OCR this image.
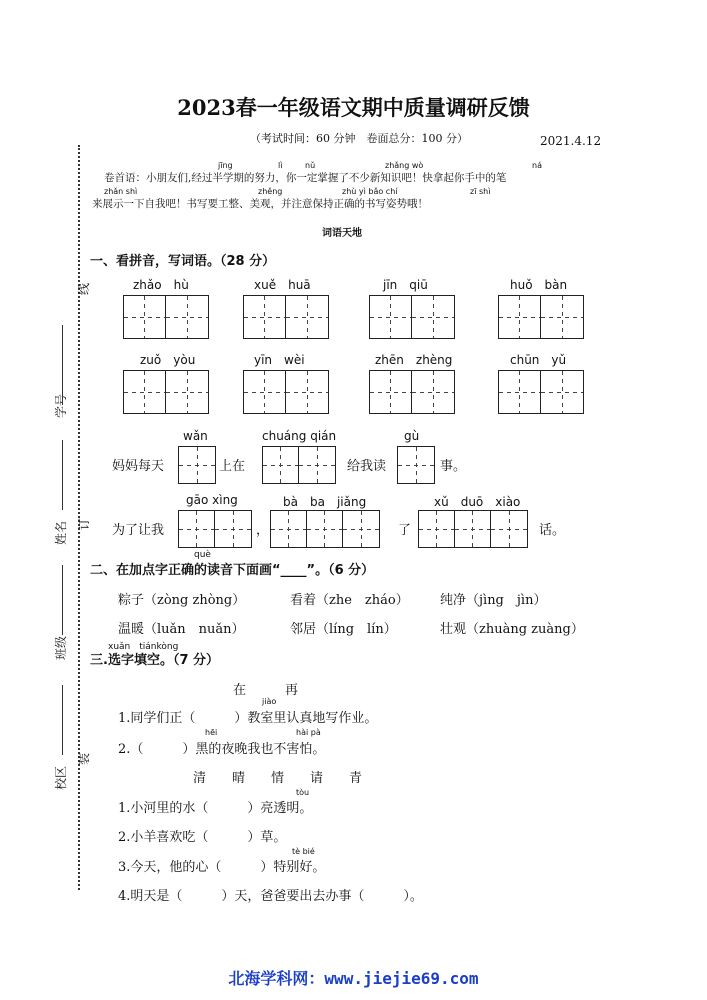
2023春一年级语文期中质量调研反馈
（考试时间：60 分钟　卷面总分：100 分）	2021.4.12
线
学号
订
姓名
班级
装
校区
jīng	lì	nǔ	zhǎng wò	ná
卷首语：小朋友们,经过半学期的努力，你一定掌握了不少新知识吧！快拿起你手中的笔
zhǎn shì	zhěng	zhù yì bǎo chí	zī shì
来展示一下自我吧！书写要工整、美观，并注意保持正确的书写姿势哦！
词语天地
一、看拼音，写词语。（28 分）
zhǎo　hù	xuě　huā	jīn　qiū	huǒ　bàn
zuǒ　yòu	yīn　wèi	zhēn　zhèng	chūn　yǔ
wǎn	chuáng qián	gù
妈妈每天	上在	给我读	事。
gāo xìng	bà　ba　jiǎng	xǔ　duō　xiào
为了让我	，	了	话。
què
二、在加点字正确的读音下面画“____”。（6 分）
粽子（zòng zhòng）	看着（zhe　zháo） 纯净（jìng　jìn）
温暖（luǎn　nuǎn）	邻居（líng　lín）	壮观（zhuàng zuàng）
xuǎn　tiánkòng
三.选字填空。（7 分）
在　　　再
jiào
1.同学们正（　　　）教室里认真地写作业。
hēi	hài pà
2.（　　　）黑的夜晚我也不害怕。
清　　晴　　情　　请　　青
tòu
1.小河里的水（　　　）亮透明。
2.小羊喜欢吃（　　　）草。
tè bié
3.今天，他的心（　　　）特别好。
4.明天是（　　　）天，爸爸要出去办事（　　　）。
北海学科网：www.jiejie69.com
